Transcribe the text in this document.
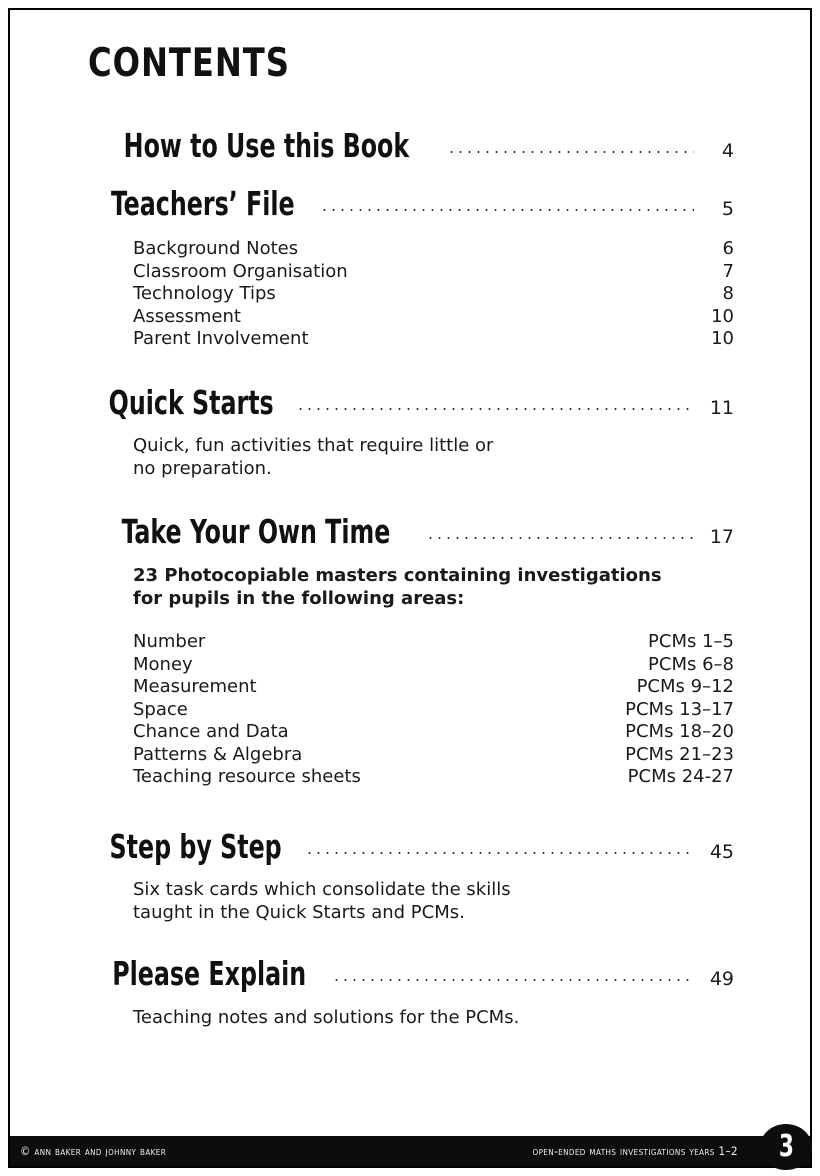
contents
How to Use this Book	4
Teachers’ File	5
Background Notes	6
Classroom Organisation	7
Technology Tips	8
Assessment	10
Parent Involvement	10
Quick Starts	11
Quick, fun activities that require little or
no preparation.
Take Your Own Time	17
23 Photocopiable masters containing investigations
for pupils in the following areas:
Number	PCMs 1–5
Money	PCMs 6–8
Measurement	PCMs 9–12
Space	PCMs 13–17
Chance and Data	PCMs 18–20
Patterns & Algebra	PCMs 21–23
Teaching resource sheets	PCMs 24-27
Step by Step	45
Six task cards which consolidate the skills
taught in the Quick Starts and PCMs.
Please Explain	49
Teaching notes and solutions for the PCMs.
© ann baker and johnny baker	open-ended maths investigations years 1–2	3
